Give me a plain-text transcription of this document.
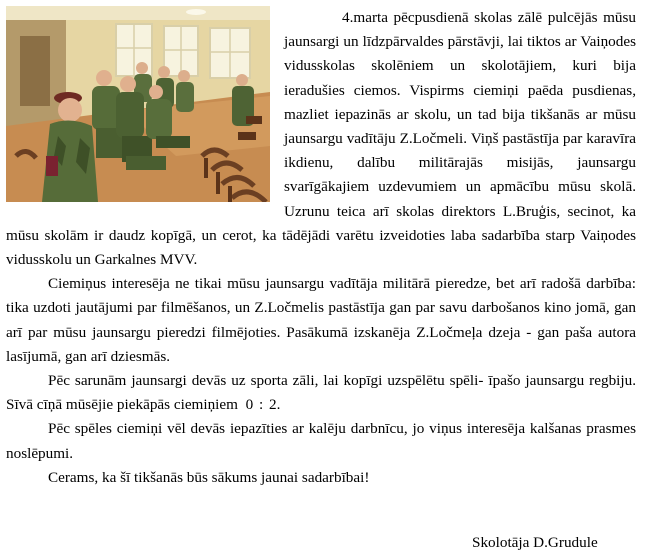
4.marta pēcpusdienā skolas zālē pulcējās mūsu jaunsargi un līdzpārvaldes pārstāvji, lai tiktos ar Vaiņodes vidusskolas skolēniem un skolotājiem, kuri bija ieradušies ciemos. Vispirms ciemiņi paēda pusdienas, mazliet iepazinās ar skolu, un tad bija tikšanās ar mūsu jaunsargu vadītāju Z.Ločmeli. Viņš pastāstīja par karavīra ikdienu, dalību militārajās misijās, jaunsargu svarīgākajiem uzdevumiem un apmācību mūsu skolā. Uzrunu teica arī skolas direktors L.Bruģis, secinot, ka mūsu skolām ir daudz kopīgā, un cerot, ka tādējādi varētu izveidoties laba sadarbība starp Vaiņodes vidusskolu un Garkalnes MVV.

Ciemiņus interesēja ne tikai mūsu jaunsargu vadītāja militārā pieredze, bet arī radošā darbība: tika uzdoti jautājumi par filmēšanos, un Z.Ločmelis pastāstīja gan par savu darbošanos kino jomā, gan arī par mūsu jaunsargu pieredzi filmējoties. Pasākumā izskanēja Z.Ločmeļa dzeja - gan paša autora lasījumā, gan arī dziesmās.

Pēc sarunām jaunsargi devās uz sporta zāli, lai kopīgi uzspēlētu spēli- īpašo jaunsargu regbiju. Sīvā cīņā mūsējie piekāpās ciemiņiem 0 : 2.

Pēc spēles ciemiņi vēl devās iepazīties ar kalēju darbnīcu, jo viņus interesēja kalšanas prasmes noslēpumi.

Cerams, ka šī tikšanās būs sākums jaunai sadarbībai!

Skolotāja D.Grudule
